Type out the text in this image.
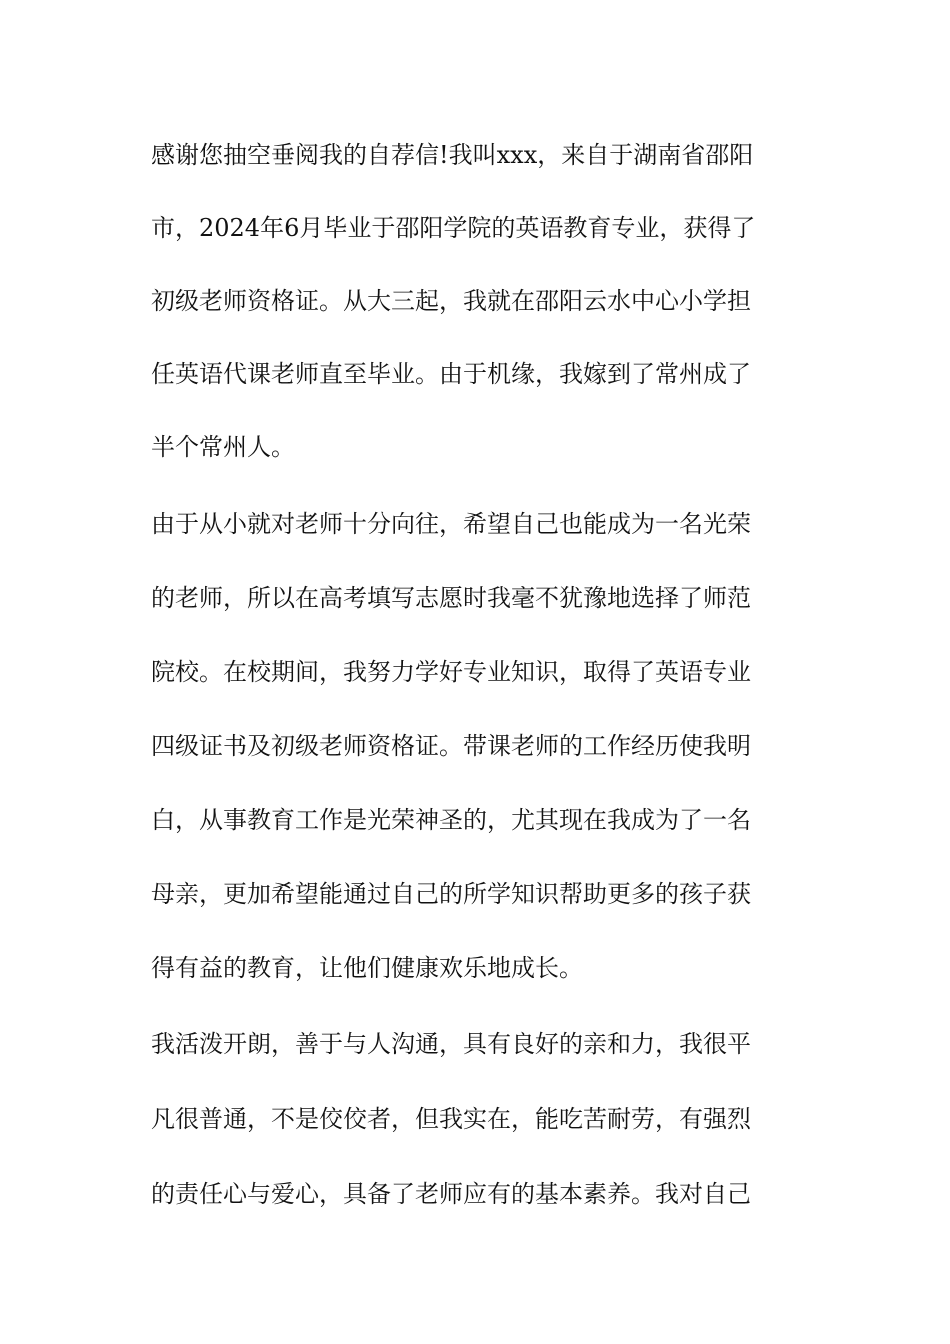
感谢您抽空垂阅我的自荐信!我叫xxx，来自于湖南省邵阳
市，2024年6月毕业于邵阳学院的英语教育专业，获得了
初级老师资格证。从大三起，我就在邵阳云水中心小学担
任英语代课老师直至毕业。由于机缘，我嫁到了常州成了
半个常州人。
由于从小就对老师十分向往，希望自己也能成为一名光荣
的老师，所以在高考填写志愿时我毫不犹豫地选择了师范
院校。在校期间，我努力学好专业知识，取得了英语专业
四级证书及初级老师资格证。带课老师的工作经历使我明
白，从事教育工作是光荣神圣的，尤其现在我成为了一名
母亲，更加希望能通过自己的所学知识帮助更多的孩子获
得有益的教育，让他们健康欢乐地成长。
我活泼开朗，善于与人沟通，具有良好的亲和力，我很平
凡很普通，不是佼佼者，但我实在，能吃苦耐劳，有强烈
的责任心与爱心，具备了老师应有的基本素养。我对自己
